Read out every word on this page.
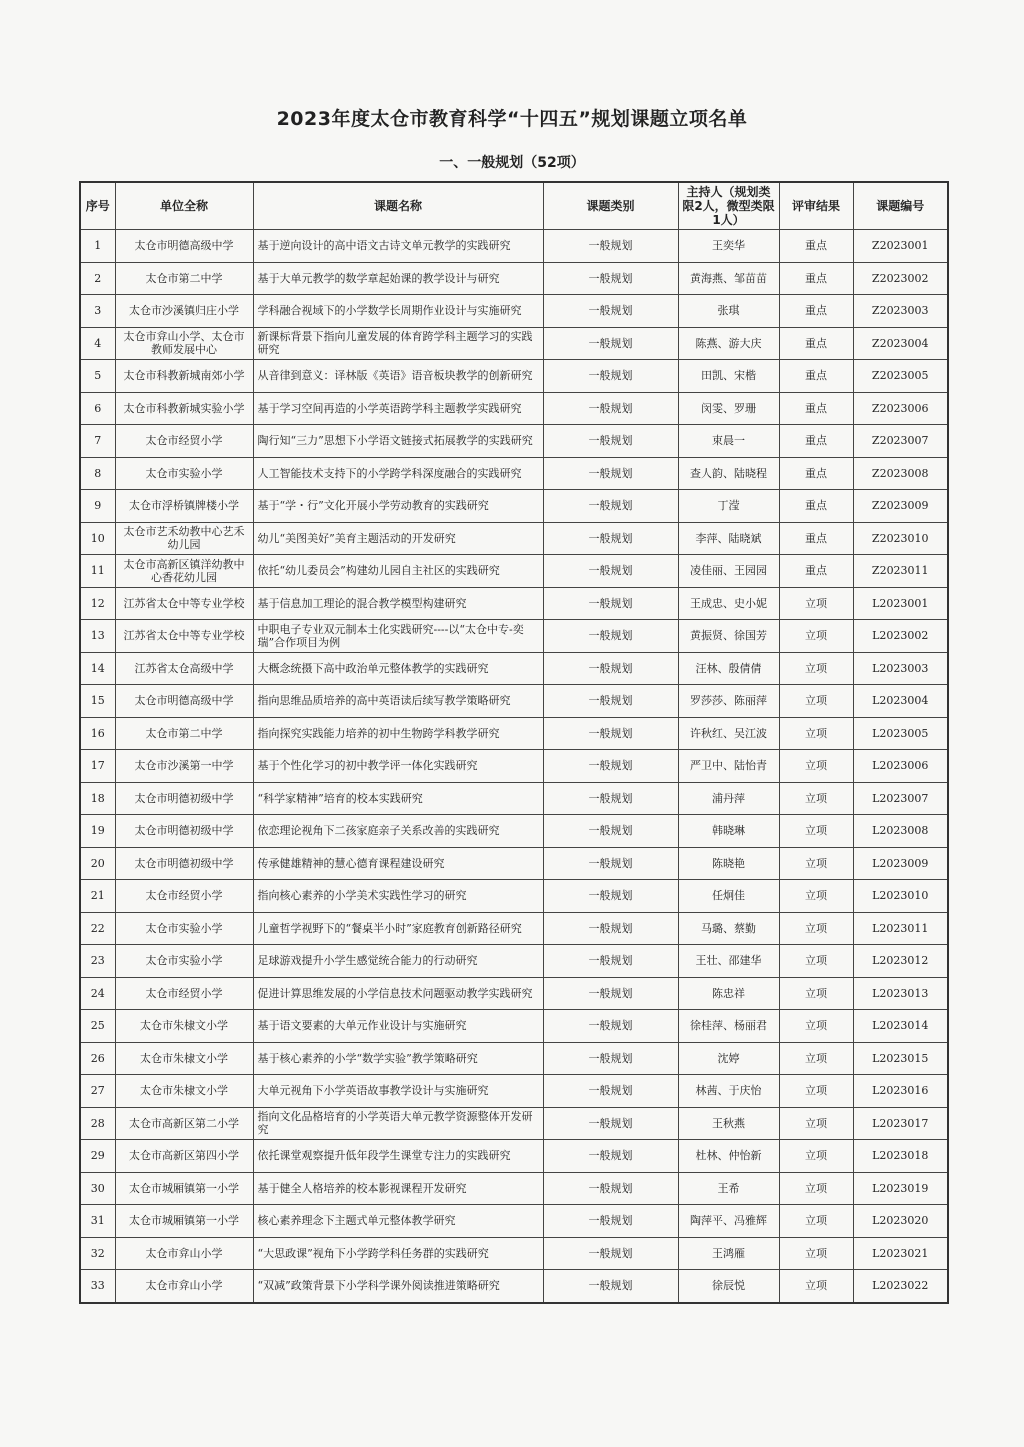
2023年度太仓市教育科学“十四五”规划课题立项名单
一、一般规划（52项）
序号	单位全称	课题名称	课题类别	主持人（规划类限2人，微型类限1人）	评审结果	课题编号
1	太仓市明德高级中学	基于逆向设计的高中语文古诗文单元教学的实践研究	一般规划	王奕华	重点	Z2023001
2	太仓市第二中学	基于大单元教学的数学章起始课的教学设计与研究	一般规划	黄海燕、邹苗苗	重点	Z2023002
3	太仓市沙溪镇归庄小学	学科融合视域下的小学数学长周期作业设计与实施研究	一般规划	张琪	重点	Z2023003
4	太仓市弇山小学、太仓市教师发展中心	新课标背景下指向儿童发展的体育跨学科主题学习的实践研究	一般规划	陈燕、游大庆	重点	Z2023004
5	太仓市科教新城南郊小学	从音律到意义：译林版《英语》语音板块教学的创新研究	一般规划	田凯、宋楷	重点	Z2023005
6	太仓市科教新城实验小学	基于学习空间再造的小学英语跨学科主题教学实践研究	一般规划	闵雯、罗珊	重点	Z2023006
7	太仓市经贸小学	陶行知“三力”思想下小学语文链接式拓展教学的实践研究	一般规划	束晨一	重点	Z2023007
8	太仓市实验小学	人工智能技术支持下的小学跨学科深度融合的实践研究	一般规划	查人韵、陆晓程	重点	Z2023008
9	太仓市浮桥镇牌楼小学	基于“学・行”文化开展小学劳动教育的实践研究	一般规划	丁滢	重点	Z2023009
10	太仓市艺禾幼教中心艺禾幼儿园	幼儿“美图美好”美育主题活动的开发研究	一般规划	李萍、陆晓斌	重点	Z2023010
11	太仓市高新区镇洋幼教中心香花幼儿园	依托“幼儿委员会”构建幼儿园自主社区的实践研究	一般规划	凌佳丽、王园园	重点	Z2023011
12	江苏省太仓中等专业学校	基于信息加工理论的混合教学模型构建研究	一般规划	王成忠、史小妮	立项	L2023001
13	江苏省太仓中等专业学校	中职电子专业双元制本土化实践研究----以“太仓中专-奕瑞”合作项目为例	一般规划	黄振贤、徐国芳	立项	L2023002
14	江苏省太仓高级中学	大概念统摄下高中政治单元整体教学的实践研究	一般规划	汪林、殷倩倩	立项	L2023003
15	太仓市明德高级中学	指向思维品质培养的高中英语读后续写教学策略研究	一般规划	罗莎莎、陈丽萍	立项	L2023004
16	太仓市第二中学	指向探究实践能力培养的初中生物跨学科教学研究	一般规划	许秋红、吴江波	立项	L2023005
17	太仓市沙溪第一中学	基于个性化学习的初中教学评一体化实践研究	一般规划	严卫中、陆怡青	立项	L2023006
18	太仓市明德初级中学	“科学家精神”培育的校本实践研究	一般规划	浦丹萍	立项	L2023007
19	太仓市明德初级中学	依恋理论视角下二孩家庭亲子关系改善的实践研究	一般规划	韩晓琳	立项	L2023008
20	太仓市明德初级中学	传承健雄精神的慧心德育课程建设研究	一般规划	陈晓艳	立项	L2023009
21	太仓市经贸小学	指向核心素养的小学美术实践性学习的研究	一般规划	任炯佳	立项	L2023010
22	太仓市实验小学	儿童哲学视野下的“餐桌半小时”家庭教育创新路径研究	一般规划	马璐、蔡勤	立项	L2023011
23	太仓市实验小学	足球游戏提升小学生感觉统合能力的行动研究	一般规划	王壮、邵建华	立项	L2023012
24	太仓市经贸小学	促进计算思维发展的小学信息技术问题驱动教学实践研究	一般规划	陈忠祥	立项	L2023013
25	太仓市朱棣文小学	基于语文要素的大单元作业设计与实施研究	一般规划	徐桂萍、杨丽君	立项	L2023014
26	太仓市朱棣文小学	基于核心素养的小学“数学实验”教学策略研究	一般规划	沈婷	立项	L2023015
27	太仓市朱棣文小学	大单元视角下小学英语故事教学设计与实施研究	一般规划	林茜、于庆怡	立项	L2023016
28	太仓市高新区第二小学	指向文化品格培育的小学英语大单元教学资源整体开发研究	一般规划	王秋燕	立项	L2023017
29	太仓市高新区第四小学	依托课堂观察提升低年段学生课堂专注力的实践研究	一般规划	杜林、仲怡新	立项	L2023018
30	太仓市城厢镇第一小学	基于健全人格培养的校本影视课程开发研究	一般规划	王希	立项	L2023019
31	太仓市城厢镇第一小学	核心素养理念下主题式单元整体教学研究	一般规划	陶萍平、冯雅辉	立项	L2023020
32	太仓市弇山小学	“大思政课”视角下小学跨学科任务群的实践研究	一般规划	王鸿雁	立项	L2023021
33	太仓市弇山小学	“双减”政策背景下小学科学课外阅读推进策略研究	一般规划	徐辰悦	立项	L2023022
